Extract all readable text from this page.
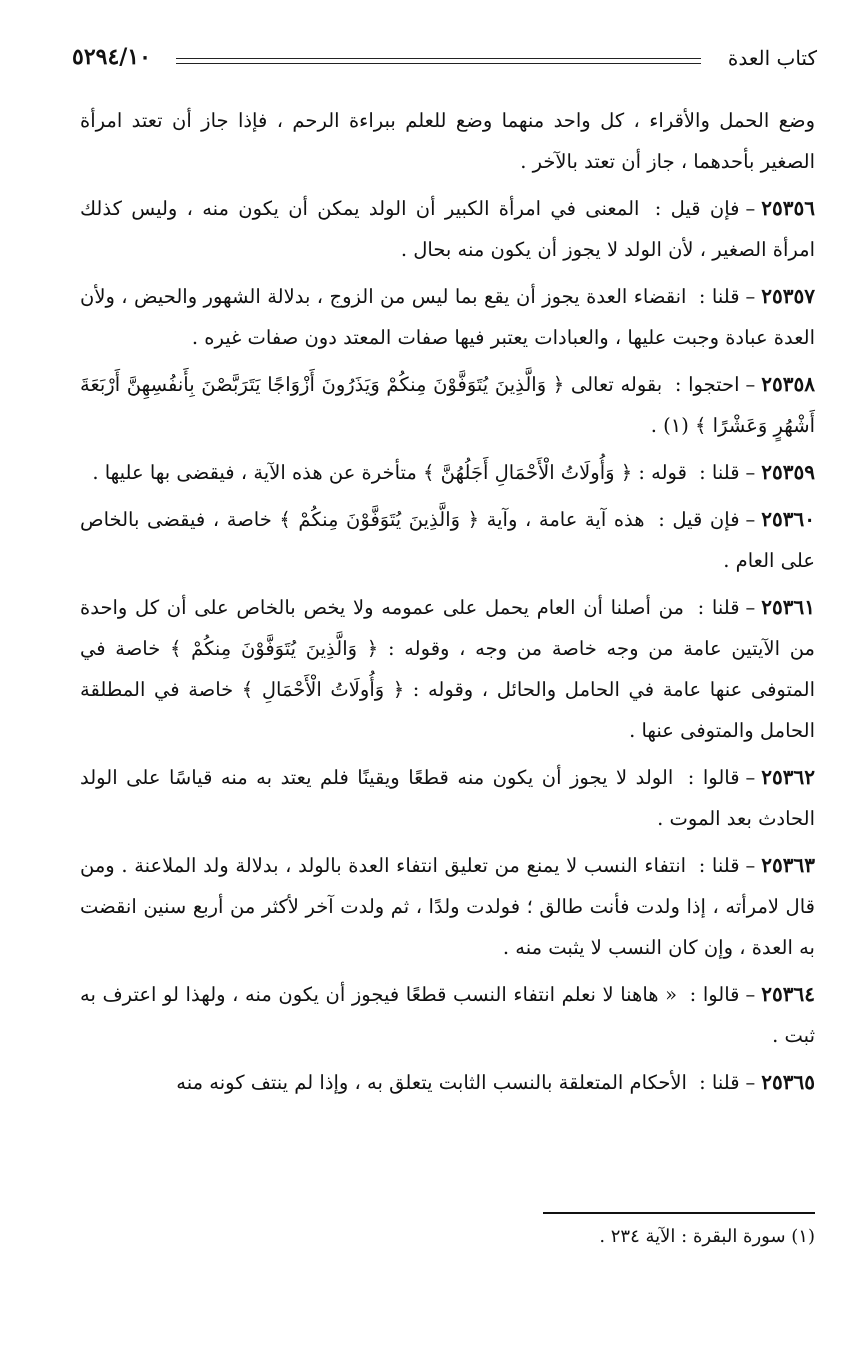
٥٢٩٤/١٠	كتاب العدة

وضع الحمل والأقراء ، كل واحد منهما وضع للعلم ببراءة الرحم ، فإذا جاز أن تعتد امرأة الصغير بأحدهما ، جاز أن تعتد بالآخر .

٢٥٣٥٦–فإن قيل : المعنى في امرأة الكبير أن الولد يمكن أن يكون منه ، وليس كذلك امرأة الصغير ، لأن الولد لا يجوز أن يكون منه بحال .

٢٥٣٥٧–قلنا : انقضاء العدة يجوز أن يقع بما ليس من الزوج ، بدلالة الشهور والحيض ، ولأن العدة عبادة وجبت عليها ، والعبادات يعتبر فيها صفات المعتد دون صفات غيره .

٢٥٣٥٨–احتجوا : بقوله تعالى ﴿ وَالَّذِينَ يُتَوَفَّوْنَ مِنكُمْ وَيَذَرُونَ أَزْوَاجًا يَتَرَبَّصْنَ بِأَنفُسِهِنَّ أَرْبَعَةَ أَشْهُرٍ وَعَشْرًا ﴾ (١) .

٢٥٣٥٩–قلنا : قوله : ﴿ وَأُولَاتُ الْأَحْمَالِ أَجَلُهُنَّ ﴾ متأخرة عن هذه الآية ، فيقضى بها عليها .

٢٥٣٦٠–فإن قيل : هذه آية عامة ، وآية ﴿ وَالَّذِينَ يُتَوَفَّوْنَ مِنكُمْ ﴾ خاصة ، فيقضى بالخاص على العام .

٢٥٣٦١–قلنا : من أصلنا أن العام يحمل على عمومه ولا يخص بالخاص على أن كل واحدة من الآيتين عامة من وجه خاصة من وجه ، وقوله : ﴿ وَالَّذِينَ يُتَوَفَّوْنَ مِنكُمْ ﴾ خاصة في المتوفى عنها عامة في الحامل والحائل ، وقوله : ﴿ وَأُولَاتُ الْأَحْمَالِ ﴾ خاصة في المطلقة الحامل والمتوفى عنها .

٢٥٣٦٢–قالوا : الولد لا يجوز أن يكون منه قطعًا ويقينًا فلم يعتد به منه قياسًا على الولد الحادث بعد الموت .

٢٥٣٦٣–قلنا : انتفاء النسب لا يمنع من تعليق انتفاء العدة بالولد ، بدلالة ولد الملاعنة . ومن قال لامرأته ، إذا ولدت فأنت طالق ؛ فولدت ولدًا ، ثم ولدت آخر لأكثر من أربع سنين انقضت به العدة ، وإن كان النسب لا يثبت منه .

٢٥٣٦٤–قالوا : « هاهنا لا نعلم انتفاء النسب قطعًا فيجوز أن يكون منه ، ولهذا لو اعترف به ثبت .

٢٥٣٦٥–قلنا : الأحكام المتعلقة بالنسب الثابت يتعلق به ، وإذا لم ينتف كونه منه

(١) سورة البقرة : الآية ٢٣٤ .
